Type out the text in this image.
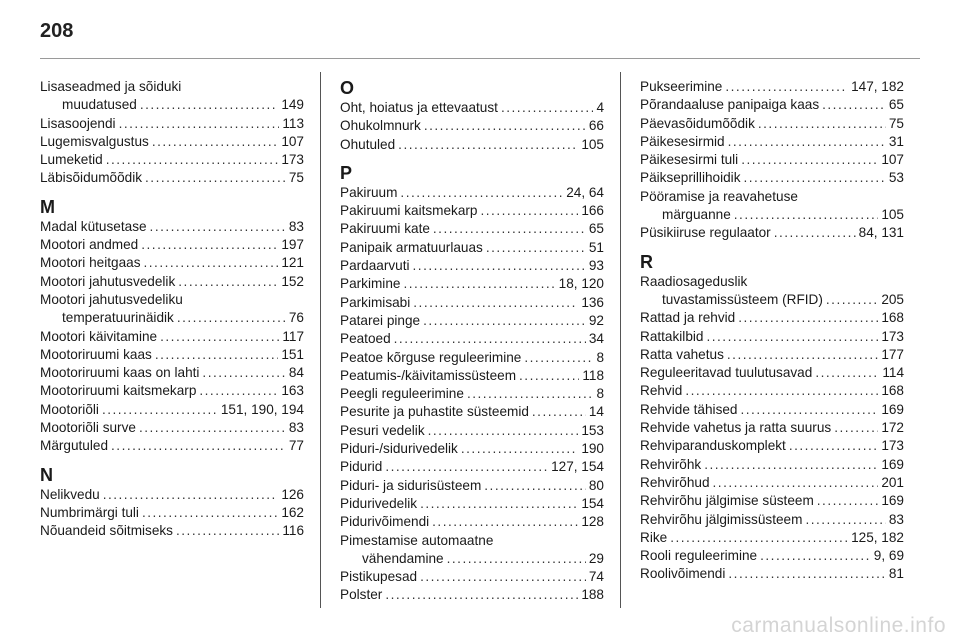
208
Lisaseadmed ja sõiduki
muudatused .....	149
Lisasoojendi .....	113
Lugemisvalgustus .....	107
Lumeketid .....	173
Läbisõidumõõdik .....	75
M
Madal kütusetase .....	83
Mootori andmed .....	197
Mootori heitgaas .....	121
Mootori jahutusvedelik .....	152
Mootori jahutusvedeliku
temperatuurinäidik .....	76
Mootori käivitamine .....	117
Mootoriruumi kaas .....	151
Mootoriruumi kaas on lahti .....	84
Mootoriruumi kaitsmekarp .....	163
Mootoriõli .....	151, 190, 194
Mootoriõli surve .....	83
Märgutuled .....	77
N
Nelikvedu .....	126
Numbrimärgi tuli .....	162
Nõuandeid sõitmiseks .....	116
O
Oht, hoiatus ja ettevaatust .....	4
Ohukolmnurk .....	66
Ohutuled .....	105
P
Pakiruum .....	24, 64
Pakiruumi kaitsmekarp .....	166
Pakiruumi kate .....	65
Panipaik armatuurlauas .....	51
Pardaarvuti .....	93
Parkimine .....	18, 120
Parkimisabi .....	136
Patarei pinge .....	92
Peatoed .....	34
Peatoe kõrguse reguleerimine .....	8
Peatumis-/käivitamissüsteem .....	118
Peegli reguleerimine .....	8
Pesurite ja puhastite süsteemid .....	14
Pesuri vedelik .....	153
Piduri-/sidurivedelik .....	190
Pidurid .....	127, 154
Piduri- ja sidurisüsteem .....	80
Pidurivedelik .....	154
Pidurivõimendi .....	128
Pimestamise automaatne
vähendamine .....	29
Pistikupesad .....	74
Polster .....	188
Pukseerimine .....	147, 182
Põrandaaluse panipaiga kaas .....	65
Päevasõidumõõdik .....	75
Päikesesirmid .....	31
Päikesesirmi tuli .....	107
Päikseprillihoidik .....	53
Pööramise ja reavahetuse
märguanne .....	105
Püsikiiruse regulaator .....	84, 131
R
Raadiosageduslik
tuvastamissüsteem (RFID) .....	205
Rattad ja rehvid .....	168
Rattakilbid .....	173
Ratta vahetus .....	177
Reguleeritavad tuulutusavad .....	114
Rehvid .....	168
Rehvide tähised .....	169
Rehvide vahetus ja ratta suurus .....	172
Rehviparanduskomplekt .....	173
Rehvirõhk .....	169
Rehvirõhud .....	201
Rehvirõhu jälgimise süsteem .....	169
Rehvirõhu jälgimissüsteem .....	83
Rike .....	125, 182
Rooli reguleerimine .....	9, 69
Roolivõimendi .....	81
carmanualsonline.info
